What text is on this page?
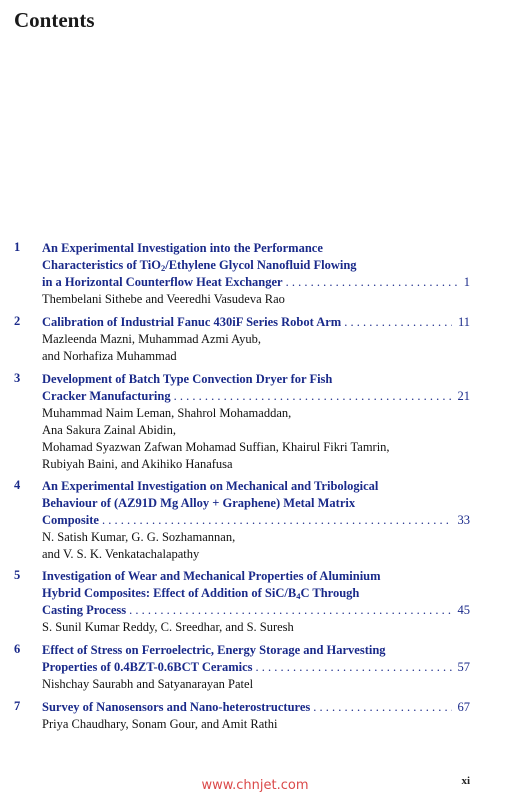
Contents
1	An Experimental Investigation into the Performance
Characteristics of TiO$_2$/Ethylene Glycol Nanofluid Flowing
in a Horizontal Counterflow Heat Exchanger . . .	1
Thembelani Sithebe and Veeredhi Vasudeva Rao
2	Calibration of Industrial Fanuc 430iF Series Robot Arm . . .	11
Mazleenda Mazni, Muhammad Azmi Ayub,
and Norhafiza Muhammad
3	Development of Batch Type Convection Dryer for Fish
Cracker Manufacturing . . .	21
Muhammad Naim Leman, Shahrol Mohamaddan,
Ana Sakura Zainal Abidin,
Mohamad Syazwan Zafwan Mohamad Suffian, Khairul Fikri Tamrin,
Rubiyah Baini, and Akihiko Hanafusa
4	An Experimental Investigation on Mechanical and Tribological
Behaviour of (AZ91D Mg Alloy + Graphene) Metal Matrix
Composite . . .	33
N. Satish Kumar, G. G. Sozhamannan,
and V. S. K. Venkatachalapathy
5	Investigation of Wear and Mechanical Properties of Aluminium
Hybrid Composites: Effect of Addition of SiC/$B_4C$ Through
Casting Process . . .	45
S. Sunil Kumar Reddy, C. Sreedhar, and S. Suresh
6	Effect of Stress on Ferroelectric, Energy Storage and Harvesting
Properties of 0.4BZT-0.6BCT Ceramics . . .	57
Nishchay Saurabh and Satyanarayan Patel
7	Survey of Nanosensors and Nano-heterostructures . . .	67
Priya Chaudhary, Sonam Gour, and Amit Rathi
xi
www.chnjet.com
